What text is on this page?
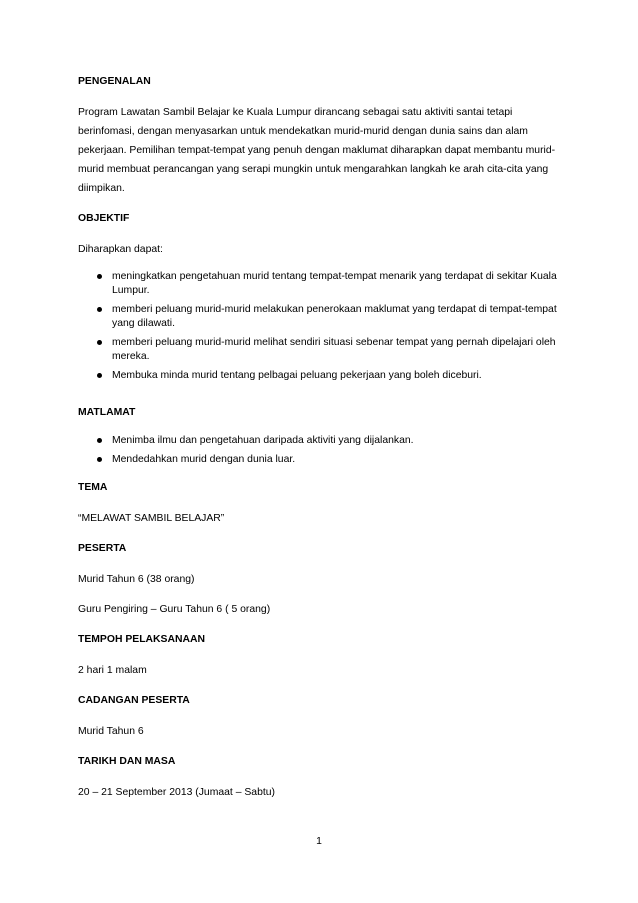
PENGENALAN
Program Lawatan Sambil Belajar ke Kuala Lumpur dirancang sebagai satu aktiviti santai tetapi berinfomasi, dengan menyasarkan untuk mendekatkan murid-murid dengan dunia sains dan alam pekerjaan. Pemilihan tempat-tempat yang penuh dengan maklumat diharapkan dapat membantu murid-murid membuat perancangan yang serapi mungkin untuk mengarahkan langkah ke arah cita-cita yang diimpikan.
OBJEKTIF
Diharapkan dapat:
meningkatkan pengetahuan murid tentang tempat-tempat menarik yang terdapat di sekitar Kuala Lumpur.
memberi peluang murid-murid melakukan penerokaan maklumat yang terdapat di tempat-tempat yang dilawati.
memberi peluang murid-murid melihat sendiri situasi sebenar tempat yang pernah dipelajari oleh mereka.
Membuka minda murid tentang pelbagai peluang pekerjaan yang boleh diceburi.
MATLAMAT
Menimba ilmu dan pengetahuan daripada aktiviti yang dijalankan.
Mendedahkan murid dengan dunia luar.
TEMA
“MELAWAT SAMBIL BELAJAR”
PESERTA
Murid Tahun 6 (38 orang)
Guru Pengiring – Guru Tahun 6 ( 5 orang)
TEMPOH PELAKSANAAN
2 hari 1 malam
CADANGAN PESERTA
Murid Tahun 6
TARIKH DAN MASA
20 – 21 September 2013 (Jumaat – Sabtu)
1
